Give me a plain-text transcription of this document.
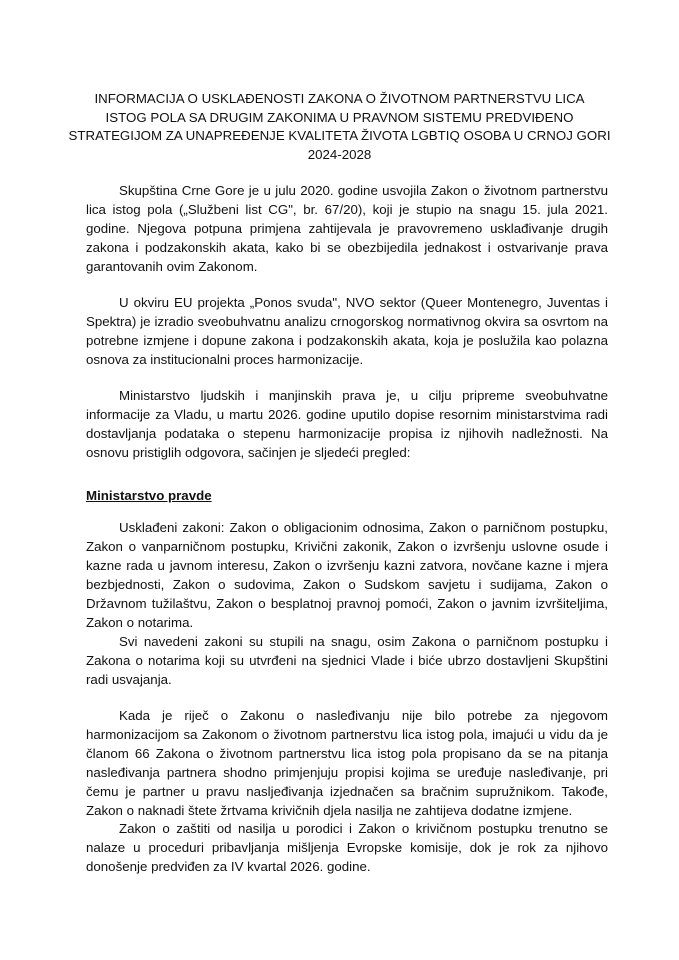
INFORMACIJA O USKLAĐENOSTI ZAKONA O ŽIVOTNOM PARTNERSTVU LICA
ISTOG POLA SA DRUGIM ZAKONIMA U PRAVNOM SISTEMU PREDVIĐENO
STRATEGIJOM ZA UNAPREĐENJE KVALITETA ŽIVOTA LGBTIQ OSOBA U CRNOJ GORI
2024-2028

Skupština Crne Gore je u julu 2020. godine usvojila Zakon o životnom partnerstvu lica istog pola („Službeni list CG", br. 67/20), koji je stupio na snagu 15. jula 2021. godine. Njegova potpuna primjena zahtijevala je pravovremeno usklađivanje drugih zakona i podzakonskih akata, kako bi se obezbijedila jednakost i ostvarivanje prava garantovanih ovim Zakonom.

U okviru EU projekta „Ponos svuda", NVO sektor (Queer Montenegro, Juventas i Spektra) je izradio sveobuhvatnu analizu crnogorskog normativnog okvira sa osvrtom na potrebne izmjene i dopune zakona i podzakonskih akata, koja je poslužila kao polazna osnova za institucionalni proces harmonizacije.

Ministarstvo ljudskih i manjinskih prava je, u cilju pripreme sveobuhvatne informacije za Vladu, u martu 2026. godine uputilo dopise resornim ministarstvima radi dostavljanja podataka o stepenu harmonizacije propisa iz njihovih nadležnosti. Na osnovu pristiglih odgovora, sačinjen je sljedeći pregled:

Ministarstvo pravde

Usklađeni zakoni: Zakon o obligacionim odnosima, Zakon o parničnom postupku, Zakon o vanparničnom postupku, Krivični zakonik, Zakon o izvršenju uslovne osude i kazne rada u javnom interesu, Zakon o izvršenju kazni zatvora, novčane kazne i mjera bezbjednosti, Zakon o sudovima, Zakon o Sudskom savjetu i sudijama, Zakon o Državnom tužilaštvu, Zakon o besplatnoj pravnoj pomoći, Zakon o javnim izvršiteljima, Zakon o notarima.

Svi navedeni zakoni su stupili na snagu, osim Zakona o parničnom postupku i Zakona o notarima koji su utvrđeni na sjednici Vlade i biće ubrzo dostavljeni Skupštini radi usvajanja.

Kada je riječ o Zakonu o nasleđivanju nije bilo potrebe za njegovom harmonizacijom sa Zakonom o životnom partnerstvu lica istog pola, imajući u vidu da je članom 66 Zakona o životnom partnerstvu lica istog pola propisano da se na pitanja nasleđivanja partnera shodno primjenjuju propisi kojima se uređuje nasleđivanje, pri čemu je partner u pravu nasljeđivanja izjednačen sa bračnim supružnikom. Takođe, Zakon o naknadi štete žrtvama krivičnih djela nasilja ne zahtijeva dodatne izmjene.

Zakon o zaštiti od nasilja u porodici i Zakon o krivičnom postupku trenutno se nalaze u proceduri pribavljanja mišljenja Evropske komisije, dok je rok za njihovo donošenje predviđen za IV kvartal 2026. godine.
